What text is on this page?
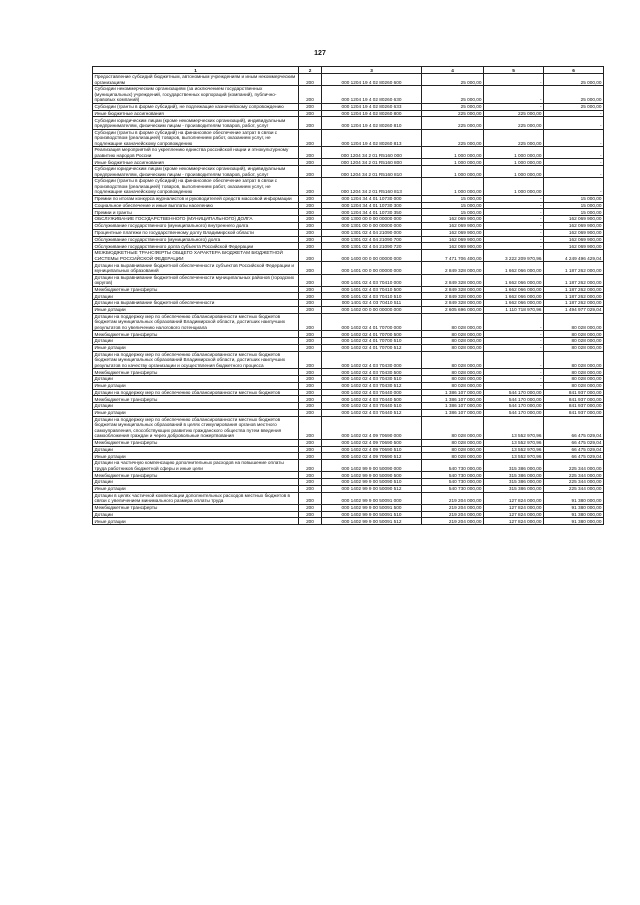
127
1	2	3	4	5	6
Предоставление субсидий бюджетным, автономным учреждениям и иным некоммерческим организациям	200	000 1204 19 4 02 80260 600	25 000,00	-	25 000,00
Субсидии некоммерческим организациям (за исключением государственных (муниципальных) учреждений, государственных корпораций (компаний), публично-правовых компаний)	200	000 1204 19 4 02 80260 630	25 000,00	-	25 000,00
Субсидии (гранты в форме субсидий), не подлежащие казначейскому сопровождению	200	000 1204 19 4 02 80260 633	25 000,00	-	25 000,00
Иные бюджетные ассигнования	200	000 1204 19 4 02 80260 800	225 000,00	225 000,00	-
Субсидии юридическим лицам (кроме некоммерческих организаций), индивидуальным предпринимателям, физическим лицам - производителям товаров, работ, услуг	200	000 1204 19 4 02 80260 810	225 000,00	225 000,00	-
Субсидии (гранты в форме субсидий) на финансовое обеспечение затрат в связи с производством (реализацией) товаров, выполнением работ, оказанием услуг, не подлежащие казначейскому сопровождению	200	000 1204 19 4 02 80260 813	225 000,00	225 000,00	-
Реализация мероприятий по укреплению единства российской нации и этнокультурному развитию народов России	200	000 1204 34 2 01 R5160 000	1 000 000,00	1 000 000,00	-
Иные бюджетные ассигнования	200	000 1204 34 2 01 R5160 800	1 000 000,00	1 000 000,00	-
Субсидии юридическим лицам (кроме некоммерческих организаций), индивидуальным предпринимателям, физическим лицам - производителям товаров, работ, услуг	200	000 1204 34 2 01 R5160 810	1 000 000,00	1 000 000,00	-
Субсидии (гранты в форме субсидий) на финансовое обеспечение затрат в связи с производством (реализацией) товаров, выполнением работ, оказанием услуг, не подлежащие казначейскому сопровождению	200	000 1204 34 2 01 R5160 813	1 000 000,00	1 000 000,00	-
Премии по итогам конкурса журналистов и руководителей средств массовой информации	200	000 1204 34 4 01 10730 000	15 000,00	-	15 000,00
Социальное обеспечение и иные выплаты населению	200	000 1204 34 4 01 10730 300	15 000,00	-	15 000,00
Премии и гранты	200	000 1204 34 4 01 10730 350	15 000,00	-	15 000,00
ОБСЛУЖИВАНИЕ ГОСУДАРСТВЕННОГО (МУНИЦИПАЛЬНОГО) ДОЛГА	200	000 1300 00 0 00 00000 000	162 069 900,00	-	162 069 900,00
Обслуживание государственного (муниципального) внутреннего долга	200	000 1301 00 0 00 00000 000	162 069 900,00	-	162 069 900,00
Процентные платежи по государственному долгу Владимирской области	200	000 1301 02 4 04 21090 000	162 069 900,00	-	162 069 900,00
Обслуживание государственного (муниципального) долга	200	000 1301 02 4 04 21090 700	162 069 900,00	-	162 069 900,00
Обслуживание государственного долга субъекта Российской Федерации	200	000 1301 02 4 04 21090 720	162 069 900,00	-	162 069 900,00
МЕЖБЮДЖЕТНЫЕ ТРАНСФЕРТЫ ОБЩЕГО ХАРАКТЕРА БЮДЖЕТАМ БЮДЖЕТНОЙ СИСТЕМЫ РОССИЙСКОЙ ФЕДЕРАЦИИ	200	000 1400 00 0 00 00000 000	7 471 706 400,00	3 222 209 970,96	4 249 496 429,04
Дотации на выравнивание бюджетной обеспеченности субъектов Российской Федерации и муниципальных образований	200	000 1401 00 0 00 00000 000	2 849 328 000,00	1 662 066 000,00	1 187 262 000,00
Дотации на выравнивание бюджетной обеспеченности муниципальных районов (городских округов)	200	000 1401 02 4 03 70410 000	2 849 328 000,00	1 662 066 000,00	1 187 262 000,00
Межбюджетные трансферты	200	000 1401 02 4 03 70410 500	2 849 328 000,00	1 662 066 000,00	1 187 262 000,00
Дотации	200	000 1401 02 4 03 70410 510	2 849 328 000,00	1 662 066 000,00	1 187 262 000,00
Дотации на выравнивание бюджетной обеспеченности	200	000 1401 02 4 03 70410 511	2 849 328 000,00	1 662 066 000,00	1 187 262 000,00
Иные дотации	200	000 1402 00 0 00 00000 000	2 605 696 000,00	1 110 718 970,96	1 494 977 029,04
Дотации на поддержку мер по обеспечению сбалансированности местных бюджетов бюджетам муниципальных образований Владимирской области, достигших наилучших результатов по увеличению налогового потенциала	200	000 1402 02 4 01 70700 000	80 028 000,00	-	80 028 000,00
Межбюджетные трансферты	200	000 1402 02 4 01 70700 500	80 028 000,00	-	80 028 000,00
Дотации	200	000 1402 02 4 01 70700 510	80 028 000,00	-	80 028 000,00
Иные дотации	200	000 1402 02 4 01 70700 512	80 028 000,00	-	80 028 000,00
Дотации на поддержку мер по обеспечению сбалансированности местных бюджетов бюджетам муниципальных образований Владимирской области, достигших наилучших результатов по качеству организации и осуществления бюджетного процесса	200	000 1402 02 4 03 70430 000	80 028 000,00	-	80 028 000,00
Межбюджетные трансферты	200	000 1402 02 4 03 70430 500	80 028 000,00	-	80 028 000,00
Дотации	200	000 1402 02 4 03 70430 510	80 028 000,00	-	80 028 000,00
Иные дотации	200	000 1402 02 4 03 70430 512	80 028 000,00	-	80 028 000,00
Дотации на поддержку мер по обеспечению сбалансированности местных бюджетов	200	000 1402 02 4 03 70440 000	1 386 107 000,00	544 170 000,00	841 937 000,00
Межбюджетные трансферты	200	000 1402 02 4 03 70440 500	1 386 107 000,00	544 170 000,00	841 937 000,00
Дотации	200	000 1402 02 4 03 70440 510	1 386 107 000,00	544 170 000,00	841 937 000,00
Иные дотации	200	000 1402 02 4 03 70440 512	1 386 107 000,00	544 170 000,00	841 937 000,00
Дотации на поддержку мер по обеспечению сбалансированности местных бюджетов бюджетам муниципальных образований в целях стимулирования органов местного самоуправления, способствующих развитию гражданского общества путем введения самообложения граждан и через добровольные пожертвования	200	000 1402 02 4 09 70690 000	80 028 000,00	13 552 970,96	66 475 029,04
Межбюджетные трансферты	200	000 1402 02 4 09 70690 500	80 028 000,00	13 552 970,96	66 475 029,04
Дотации	200	000 1402 02 4 09 70690 510	80 028 000,00	13 552 970,96	66 475 029,04
Иные дотации	200	000 1402 02 4 09 70690 512	80 028 000,00	13 552 970,96	66 475 029,04
Дотации на частичную компенсацию дополнительных расходов на повышение оплаты труда работников бюджетной сферы и иные цели	200	000 1402 99 9 00 50090 000	540 730 000,00	315 386 000,00	225 344 000,00
Межбюджетные трансферты	200	000 1402 99 9 00 50090 500	540 730 000,00	315 386 000,00	225 344 000,00
Дотации	200	000 1402 99 9 00 50090 510	540 730 000,00	315 386 000,00	225 344 000,00
Иные дотации	200	000 1402 99 9 00 50090 512	540 730 000,00	315 386 000,00	225 344 000,00
Дотации в целях частичной компенсации дополнительных расходов местных бюджетов в связи с увеличением минимального размера оплаты труда	200	000 1402 99 9 00 50091 000	219 204 000,00	127 824 000,00	91 380 000,00
Межбюджетные трансферты	200	000 1402 99 9 00 50091 500	219 204 000,00	127 824 000,00	91 380 000,00
Дотации	200	000 1402 99 9 00 50091 510	219 204 000,00	127 824 000,00	91 380 000,00
Иные дотации	200	000 1402 99 9 00 50091 512	219 204 000,00	127 824 000,00	91 380 000,00
